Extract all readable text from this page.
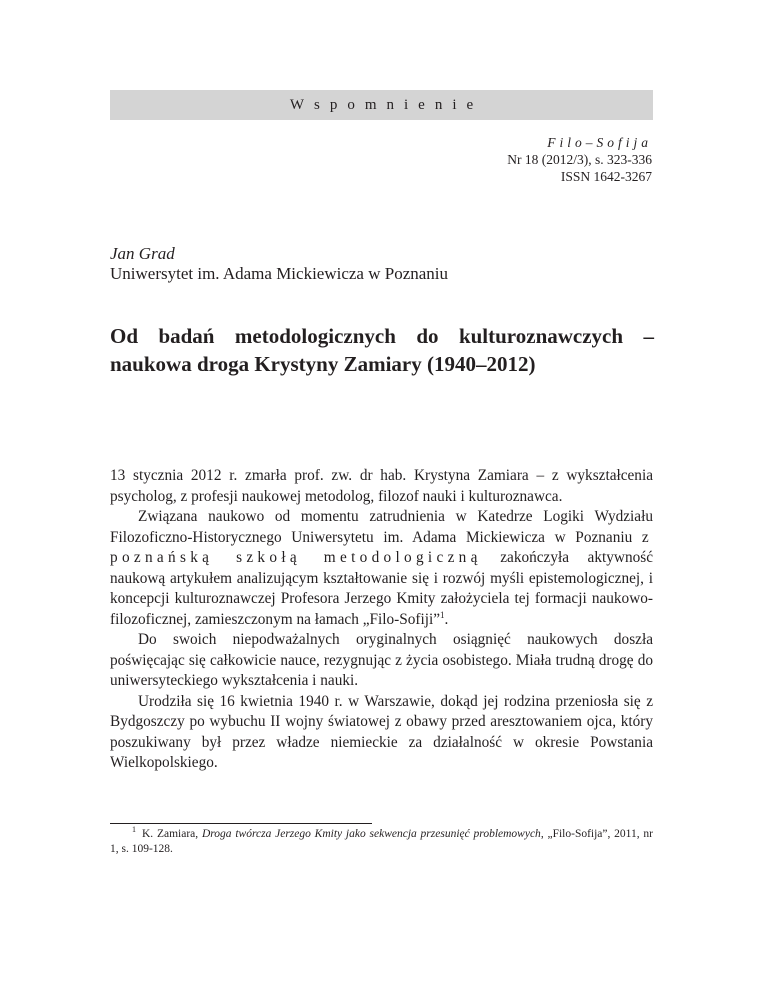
Wspomnienie
Filo–Sofija
Nr 18 (2012/3), s. 323-336
ISSN 1642-3267
Jan Grad
Uniwersytet im. Adama Mickiewicza w Poznaniu
Od badań metodologicznych do kulturoznawczych – naukowa droga Krystyny Zamiary (1940–2012)

13 stycznia 2012 r. zmarła prof. zw. dr hab. Krystyna Zamiara – z wykształcenia psycholog, z profesji naukowej metodolog, filozof nauki i kulturoznawca.

Związana naukowo od momentu zatrudnienia w Katedrze Logiki Wydziału Filozoficzno-Historycznego Uniwersytetu im. Adama Mickiewicza w Poznaniu z poznańską szkołą metodologiczną zakończyła aktywność naukową artykułem analizującym kształtowanie się i rozwój myśli epistemologicznej, i koncepcji kulturoznawczej Profesora Jerzego Kmity założyciela tej formacji naukowo-filozoficznej, zamieszczonym na łamach „Filo-Sofiji”$^1$.

Do swoich niepodważalnych oryginalnych osiągnięć naukowych doszła poświęcając się całkowicie nauce, rezygnując z życia osobistego. Miała trudną drogę do uniwersyteckiego wykształcenia i nauki.

Urodziła się 16 kwietnia 1940 r. w Warszawie, dokąd jej rodzina przeniosła się z Bydgoszczy po wybuchu II wojny światowej z obawy przed aresztowaniem ojca, który poszukiwany był przez władze niemieckie za działalność w okresie Powstania Wielkopolskiego.

$^1$ K. Zamiara, Droga twórcza Jerzego Kmity jako sekwencja przesunięć problemowych, „Filo-Sofija”, 2011, nr 1, s. 109-128.
